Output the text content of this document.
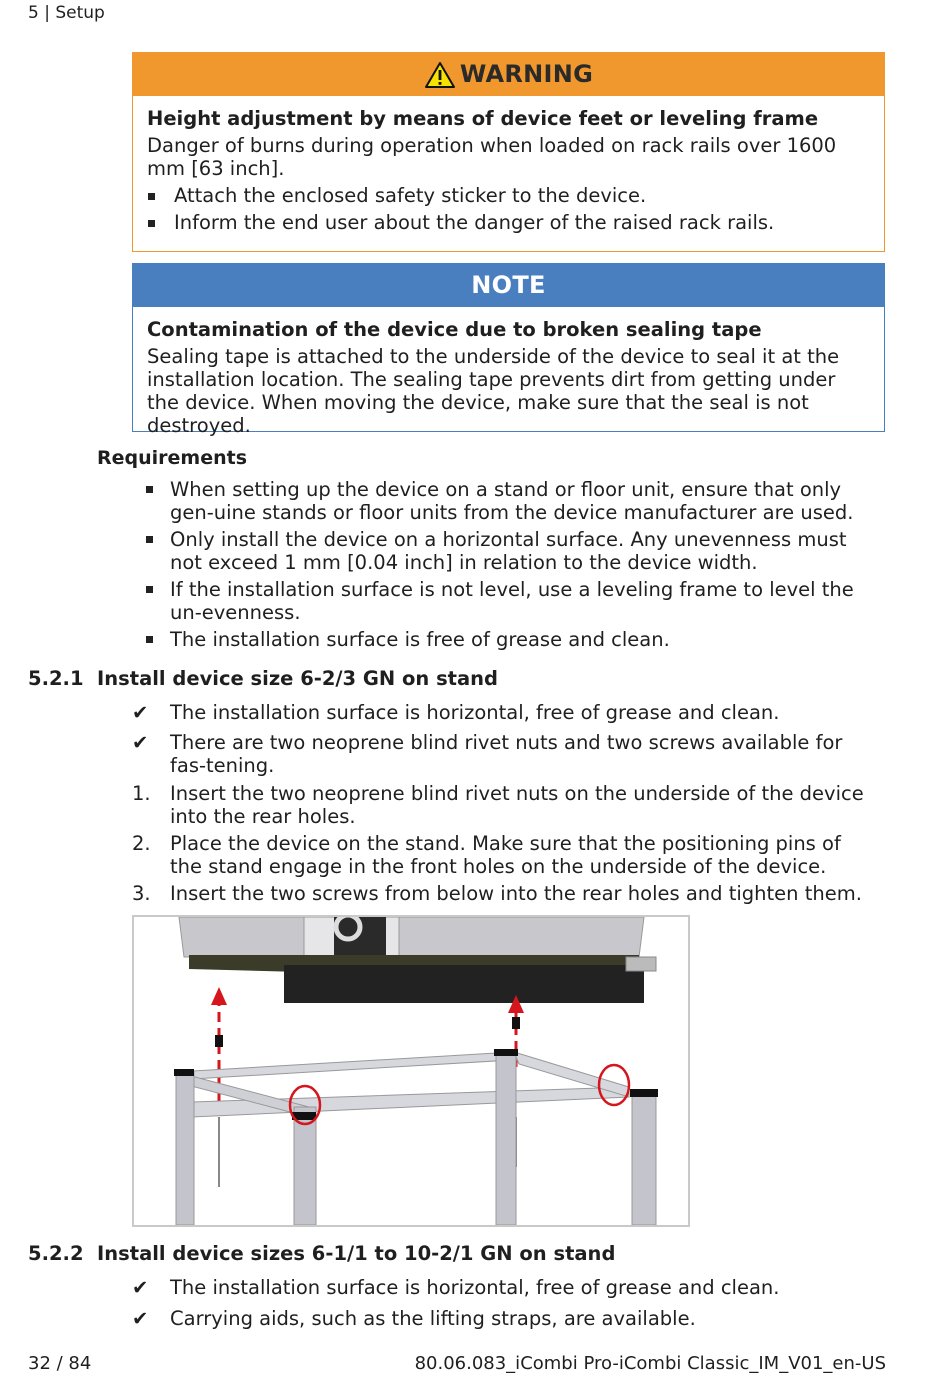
5 | Setup
WARNING
Height adjustment by means of device feet or leveling frame
Danger of burns during operation when loaded on rack rails over 1600 mm [63 inch].
Attach the enclosed safety sticker to the device.
Inform the end user about the danger of the raised rack rails.
NOTE
Contamination of the device due to broken sealing tape
Sealing tape is attached to the underside of the device to seal it at the installation location. The sealing tape prevents dirt from getting under the device. When moving the device, make sure that the seal is not destroyed.
Requirements
When setting up the device on a stand or floor unit, ensure that only gen-uine stands or floor units from the device manufacturer are used.
Only install the device on a horizontal surface. Any unevenness must not exceed 1 mm [0.04 inch] in relation to the device width.
If the installation surface is not level, use a leveling frame to level the un-evenness.
The installation surface is free of grease and clean.
5.2.1 Install device size 6-2/3 GN on stand
✔ The installation surface is horizontal, free of grease and clean.
✔ There are two neoprene blind rivet nuts and two screws available for fas-tening.
1. Insert the two neoprene blind rivet nuts on the underside of the device into the rear holes.
2. Place the device on the stand. Make sure that the positioning pins of the stand engage in the front holes on the underside of the device.
3. Insert the two screws from below into the rear holes and tighten them.
5.2.2 Install device sizes 6-1/1 to 10-2/1 GN on stand
✔ The installation surface is horizontal, free of grease and clean.
✔ Carrying aids, such as the lifting straps, are available.
32 / 84	80.06.083_iCombi Pro-iCombi Classic_IM_V01_en-US
